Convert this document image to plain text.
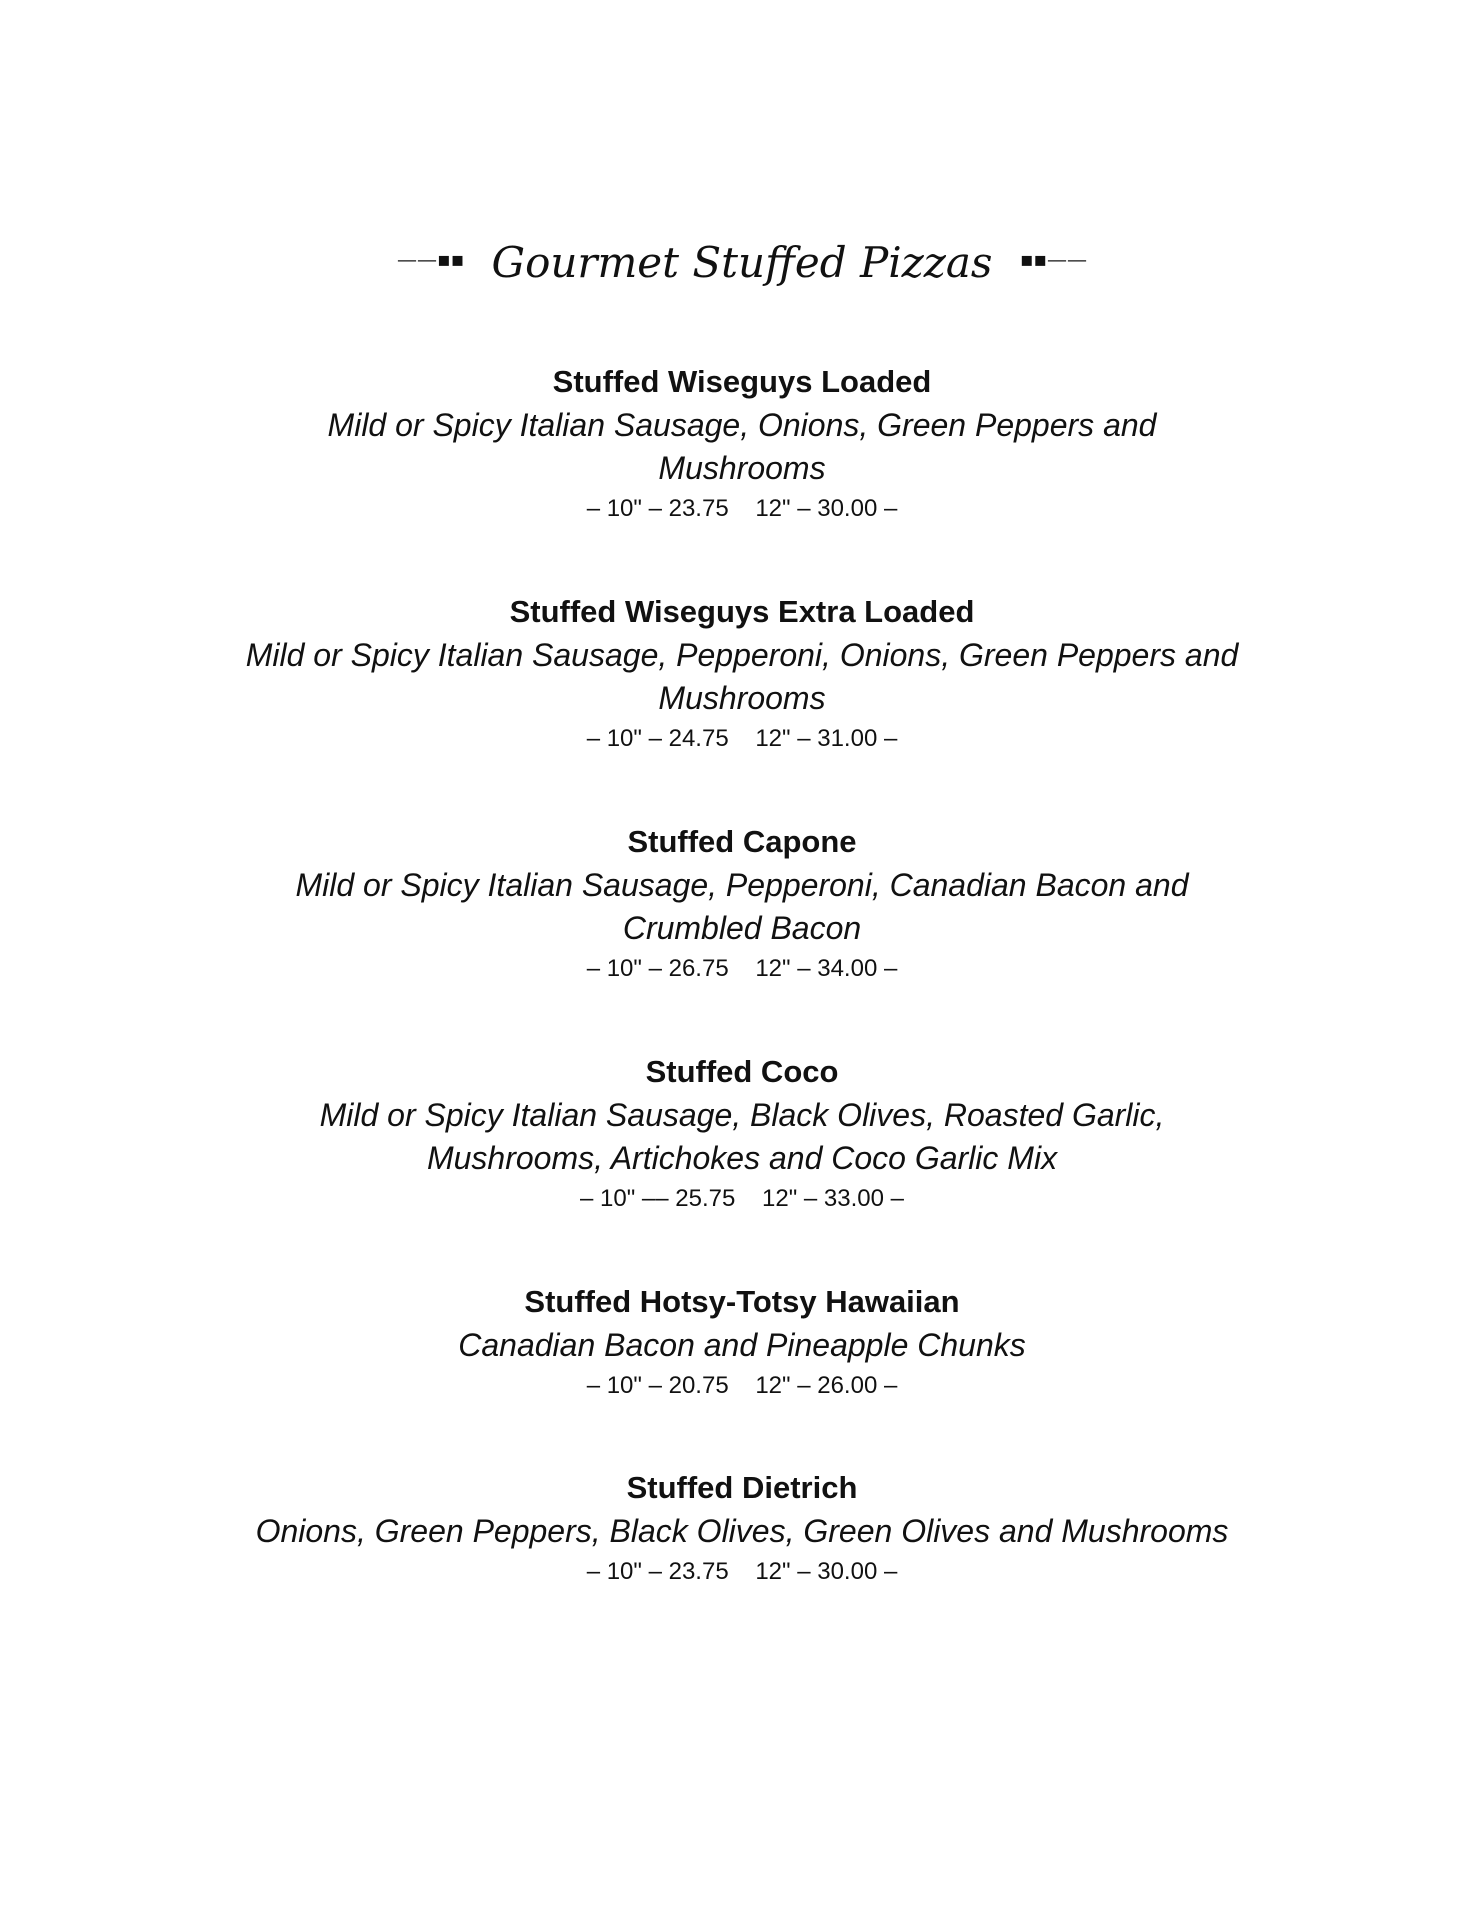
——▪▪ Gourmet Stuffed Pizzas ▪▪——
Stuffed Wiseguys Loaded
Mild or Spicy Italian Sausage, Onions, Green Peppers and Mushrooms
– 10" – 23.75    12" – 30.00 –
Stuffed Wiseguys Extra Loaded
Mild or Spicy Italian Sausage, Pepperoni, Onions, Green Peppers and Mushrooms
– 10" – 24.75    12" – 31.00 –
Stuffed Capone
Mild or Spicy Italian Sausage, Pepperoni, Canadian Bacon and Crumbled Bacon
– 10" – 26.75    12" – 34.00 –
Stuffed Coco
Mild or Spicy Italian Sausage, Black Olives, Roasted Garlic, Mushrooms, Artichokes and Coco Garlic Mix
– 10" –– 25.75    12" – 33.00 –
Stuffed Hotsy-Totsy Hawaiian
Canadian Bacon and Pineapple Chunks
– 10" – 20.75    12" – 26.00 –
Stuffed Dietrich
Onions, Green Peppers, Black Olives, Green Olives and Mushrooms
– 10" – 23.75    12" – 30.00 –
